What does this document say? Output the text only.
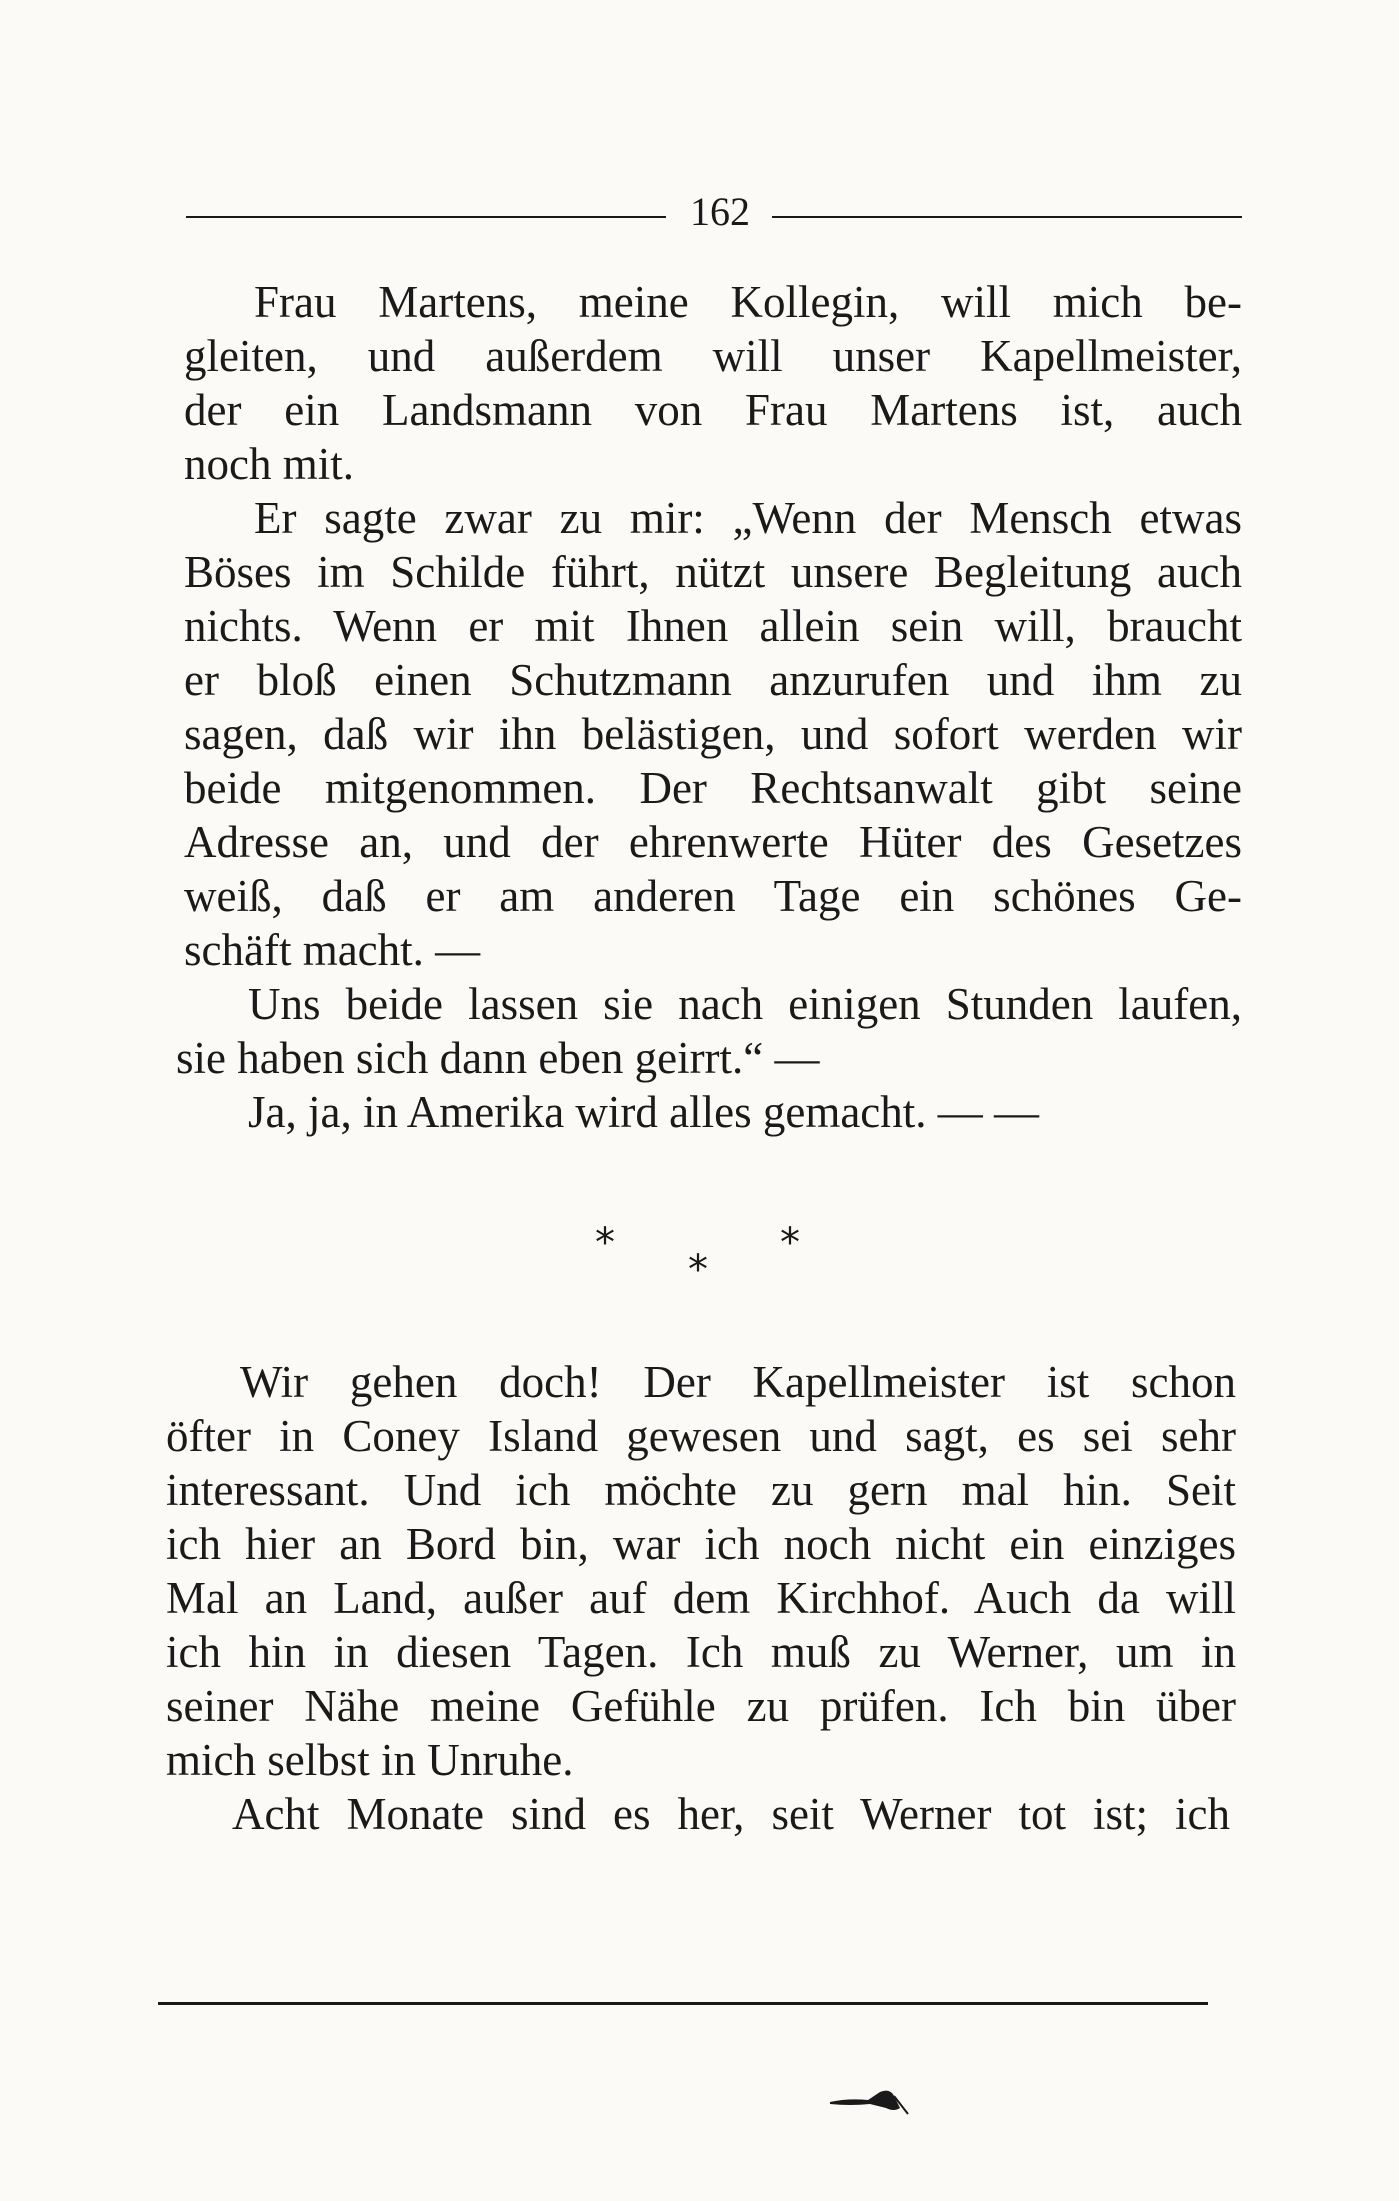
162
Frau Martens, meine Kollegin, will mich be-
gleiten, und außerdem will unser Kapellmeister,
der ein Landsmann von Frau Martens ist, auch
noch mit.
Er sagte zwar zu mir: „Wenn der Mensch etwas
Böses im Schilde führt, nützt unsere Begleitung auch
nichts. Wenn er mit Ihnen allein sein will, braucht
er bloß einen Schutzmann anzurufen und ihm zu
sagen, daß wir ihn belästigen, und sofort werden wir
beide mitgenommen. Der Rechtsanwalt gibt seine
Adresse an, und der ehrenwerte Hüter des Gesetzes
weiß, daß er am anderen Tage ein schönes Ge-
schäft macht. —
Uns beide lassen sie nach einigen Stunden laufen,
sie haben sich dann eben geirrt.“ —
Ja, ja, in Amerika wird alles gemacht. — —
*	*
*
Wir gehen doch! Der Kapellmeister ist schon
öfter in Coney Island gewesen und sagt, es sei sehr
interessant. Und ich möchte zu gern mal hin. Seit
ich hier an Bord bin, war ich noch nicht ein einziges
Mal an Land, außer auf dem Kirchhof. Auch da will
ich hin in diesen Tagen. Ich muß zu Werner, um in
seiner Nähe meine Gefühle zu prüfen. Ich bin über
mich selbst in Unruhe.
Acht Monate sind es her, seit Werner tot ist; ich
